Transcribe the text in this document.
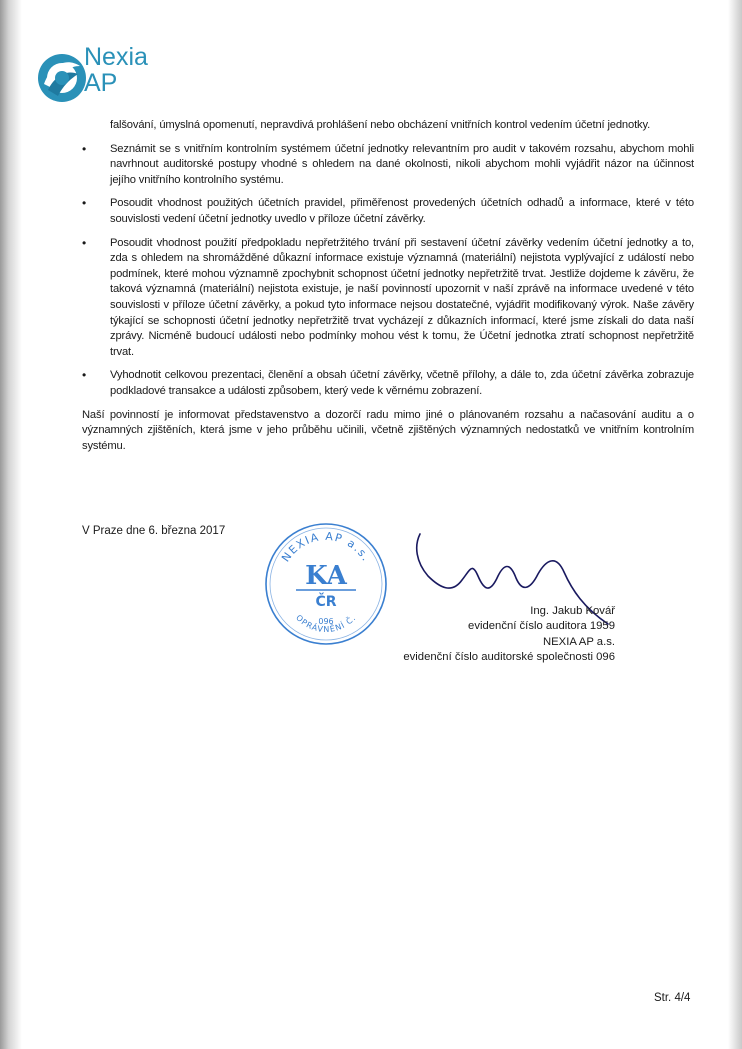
Nexia
AP

falšování, úmyslná opomenutí, nepravdivá prohlášení nebo obcházení vnitřních kontrol vedením účetní jednotky.

• Seznámit se s vnitřním kontrolním systémem účetní jednotky relevantním pro audit v takovém rozsahu, abychom mohli navrhnout auditorské postupy vhodné s ohledem na dané okolnosti, nikoli abychom mohli vyjádřit názor na účinnost jejího vnitřního kontrolního systému.
• Posoudit vhodnost použitých účetních pravidel, přiměřenost provedených účetních odhadů a informace, které v této souvislosti vedení účetní jednotky uvedlo v příloze účetní závěrky.
• Posoudit vhodnost použití předpokladu nepřetržitého trvání při sestavení účetní závěrky vedením účetní jednotky a to, zda s ohledem na shromážděné důkazní informace existuje významná (materiální) nejistota vyplývající z událostí nebo podmínek, které mohou významně zpochybnit schopnost účetní jednotky nepřetržitě trvat. Jestliže dojdeme k závěru, že taková významná (materiální) nejistota existuje, je naší povinností upozornit v naší zprávě na informace uvedené v této souvislosti v příloze účetní závěrky, a pokud tyto informace nejsou dostatečné, vyjádřit modifikovaný výrok. Naše závěry týkající se schopnosti účetní jednotky nepřetržitě trvat vycházejí z důkazních informací, které jsme získali do data naší zprávy. Nicméně budoucí události nebo podmínky mohou vést k tomu, že Účetní jednotka ztratí schopnost nepřetržitě trvat.
• Vyhodnotit celkovou prezentaci, členění a obsah účetní závěrky, včetně přílohy, a dále to, zda účetní závěrka zobrazuje podkladové transakce a události způsobem, který vede k věrnému zobrazení.

Naší povinností je informovat představenstvo a dozorčí radu mimo jiné o plánovaném rozsahu a načasování auditu a o významných zjištěních, která jsme v jeho průběhu učinili, včetně zjištěných významných nedostatků ve vnitřním kontrolním systému.

V Praze dne 6. března 2017
NEXIA AP a.s.
OPRÁVNĚNÍ Č.
KA
ČR
096
Ing. Jakub Kovář
evidenční číslo auditora 1959
NEXIA AP a.s.
evidenční číslo auditorské společnosti 096
Str. 4/4
